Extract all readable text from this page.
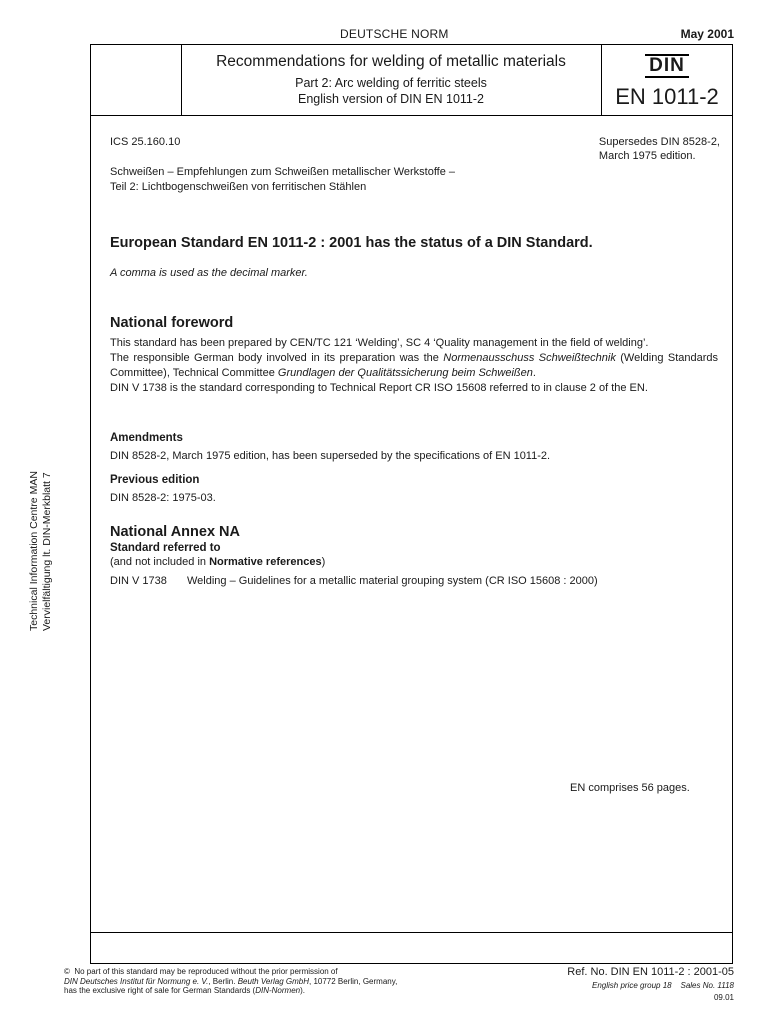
DEUTSCHE NORM	May 2001
Recommendations for welding of metallic materials
Part 2: Arc welding of ferritic steels
English version of DIN EN 1011-2
DIN
EN 1011-2
ICS 25.160.10	Supersedes DIN 8528-2,
March 1975 edition.
Schweißen – Empfehlungen zum Schweißen metallischer Werkstoffe –
Teil 2: Lichtbogenschweißen von ferritischen Stählen
European Standard EN 1011-2 : 2001 has the status of a DIN Standard.
A comma is used as the decimal marker.
National foreword
This standard has been prepared by CEN/TC 121 ‘Welding’, SC 4 ‘Quality management in the field of welding’.
The responsible German body involved in its preparation was the Normenausschuss Schweißtechnik (Welding Standards Committee), Technical Committee Grundlagen der Qualitätssicherung beim Schweißen.
DIN V 1738 is the standard corresponding to Technical Report CR ISO 15608 referred to in clause 2 of the EN.
Amendments
DIN 8528-2, March 1975 edition, has been superseded by the specifications of EN 1011-2.
Previous edition
DIN 8528-2: 1975-03.
National Annex NA
Standard referred to
(and not included in Normative references)
DIN V 1738 Welding – Guidelines for a metallic material grouping system (CR ISO 15608 : 2000)
EN comprises 56 pages.
Technical Information Centre MAN Vervielfältigung lt. DIN-Merkblatt 7
© No part of this standard may be reproduced without the prior permission of
DIN Deutsches Institut für Normung e. V., Berlin. Beuth Verlag GmbH, 10772 Berlin, Germany,
has the exclusive right of sale for German Standards (DIN-Normen).
Ref. No. DIN EN 1011-2 : 2001-05
English price group 18 Sales No. 1118
09.01
